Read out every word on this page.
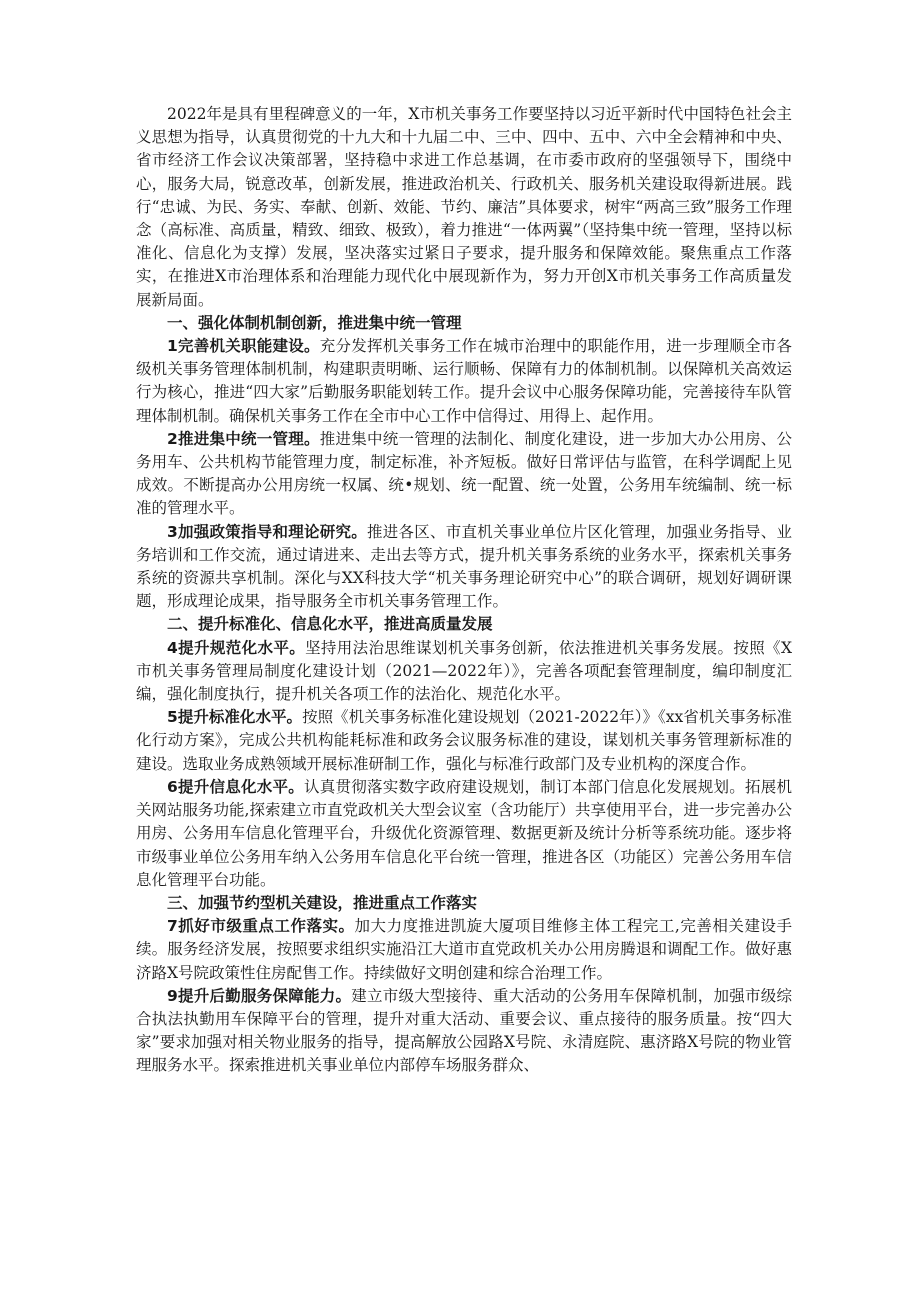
2022年是具有里程碑意义的一年，X市机关事务工作要坚持以习近平新时代中国特色社会主义思想为指导，认真贯彻党的十九大和十九届二中、三中、四中、五中、六中全会精神和中央、省市经济工作会议决策部署，坚持稳中求进工作总基调，在市委市政府的坚强领导下，围绕中心，服务大局，锐意改革，创新发展，推进政治机关、行政机关、服务机关建设取得新进展。践行“忠诚、为民、务实、奉献、创新、效能、节约、廉洁”具体要求，树牢“两高三致”服务工作理念（高标准、高质量，精致、细致、极致），着力推进“一体两翼”（坚持集中统一管理，坚持以标准化、信息化为支撑）发展，坚决落实过紧日子要求，提升服务和保障效能。聚焦重点工作落实，在推进X市治理体系和治理能力现代化中展现新作为，努力开创X市机关事务工作高质量发展新局面。

一、强化体制机制创新，推进集中统一管理

1完善机关职能建设。充分发挥机关事务工作在城市治理中的职能作用，进一步理顺全市各级机关事务管理体制机制，构建职责明晰、运行顺畅、保障有力的体制机制。以保障机关高效运行为核心，推进“四大家”后勤服务职能划转工作。提升会议中心服务保障功能，完善接待车队管理体制机制。确保机关事务工作在全市中心工作中信得过、用得上、起作用。

2推进集中统一管理。推进集中统一管理的法制化、制度化建设，进一步加大办公用房、公务用车、公共机构节能管理力度，制定标准，补齐短板。做好日常评估与监管，在科学调配上见成效。不断提高办公用房统一权属、统•规划、统一配置、统一处置，公务用车统编制、统一标准的管理水平。

3加强政策指导和理论研究。推进各区、市直机关事业单位片区化管理，加强业务指导、业务培训和工作交流，通过请进来、走出去等方式，提升机关事务系统的业务水平，探索机关事务系统的资源共享机制。深化与XX科技大学“机关事务理论研究中心”的联合调研，规划好调研课题，形成理论成果，指导服务全市机关事务管理工作。

二、提升标准化、信息化水平，推进高质量发展

4提升规范化水平。坚持用法治思维谋划机关事务创新，依法推进机关事务发展。按照《X市机关事务管理局制度化建设计划（2021—2022年）》，完善各项配套管理制度，编印制度汇编，强化制度执行，提升机关各项工作的法治化、规范化水平。

5提升标准化水平。按照《机关事务标准化建设规划（2021-2022年）》《xx省机关事务标准化行动方案》，完成公共机构能耗标准和政务会议服务标准的建设，谋划机关事务管理新标准的建设。选取业务成熟领域开展标准研制工作，强化与标准行政部门及专业机构的深度合作。

6提升信息化水平。认真贯彻落实数字政府建设规划，制订本部门信息化发展规划。拓展机关网站服务功能,探索建立市直党政机关大型会议室（含功能厅）共享使用平台，进一步完善办公用房、公务用车信息化管理平台，升级优化资源管理、数据更新及统计分析等系统功能。逐步将市级事业单位公务用车纳入公务用车信息化平台统一管理，推进各区（功能区）完善公务用车信息化管理平台功能。

三、加强节约型机关建设，推进重点工作落实

7抓好市级重点工作落实。加大力度推进凯旋大厦项目维修主体工程完工,完善相关建设手续。服务经济发展，按照要求组织实施沿江大道市直党政机关办公用房腾退和调配工作。做好惠济路X号院政策性住房配售工作。持续做好文明创建和综合治理工作。

9提升后勤服务保障能力。建立市级大型接待、重大活动的公务用车保障机制，加强市级综合执法执勤用车保障平台的管理，提升对重大活动、重要会议、重点接待的服务质量。按“四大家”要求加强对相关物业服务的指导，提高解放公园路X号院、永清庭院、惠济路X号院的物业管理服务水平。探索推进机关事业单位内部停车场服务群众、
